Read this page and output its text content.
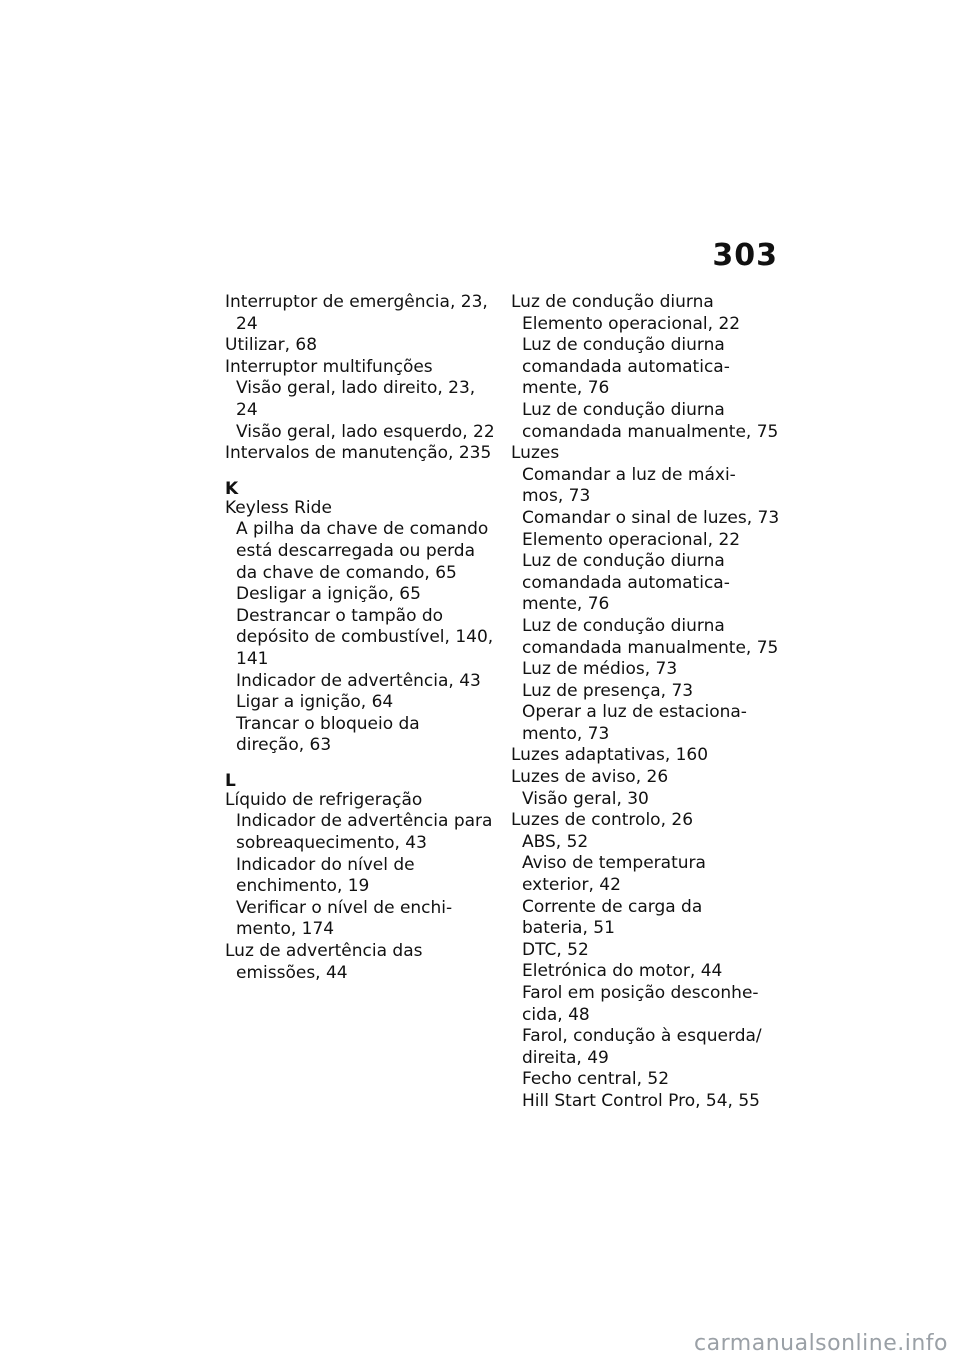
303
Interruptor de emergência, 23,
24
Utilizar, 68
Interruptor multifunções
Visão geral, lado direito, 23,
24
Visão geral, lado esquerdo, 22
Intervalos de manutenção, 235
K
Keyless Ride
A pilha da chave de comando
está descarregada ou perda
da chave de comando, 65
Desligar a ignição, 65
Destrancar o tampão do
depósito de combustível, 140,
141
Indicador de advertência, 43
Ligar a ignição, 64
Trancar o bloqueio da
direção, 63
L
Líquido de refrigeração
Indicador de advertência para
sobreaquecimento, 43
Indicador do nível de
enchimento, 19
Verificar o nível de enchi-
mento, 174
Luz de advertência das
emissões, 44
Luz de condução diurna
Elemento operacional, 22
Luz de condução diurna
comandada automatica-
mente, 76
Luz de condução diurna
comandada manualmente, 75
Luzes
Comandar a luz de máxi-
mos, 73
Comandar o sinal de luzes, 73
Elemento operacional, 22
Luz de condução diurna
comandada automatica-
mente, 76
Luz de condução diurna
comandada manualmente, 75
Luz de médios, 73
Luz de presença, 73
Operar a luz de estaciona-
mento, 73
Luzes adaptativas, 160
Luzes de aviso, 26
Visão geral, 30
Luzes de controlo, 26
ABS, 52
Aviso de temperatura
exterior, 42
Corrente de carga da
bateria, 51
DTC, 52
Eletrónica do motor, 44
Farol em posição desconhe-
cida, 48
Farol, condução à esquerda/
direita, 49
Fecho central, 52
Hill Start Control Pro, 54, 55
carmanualsonline.info
